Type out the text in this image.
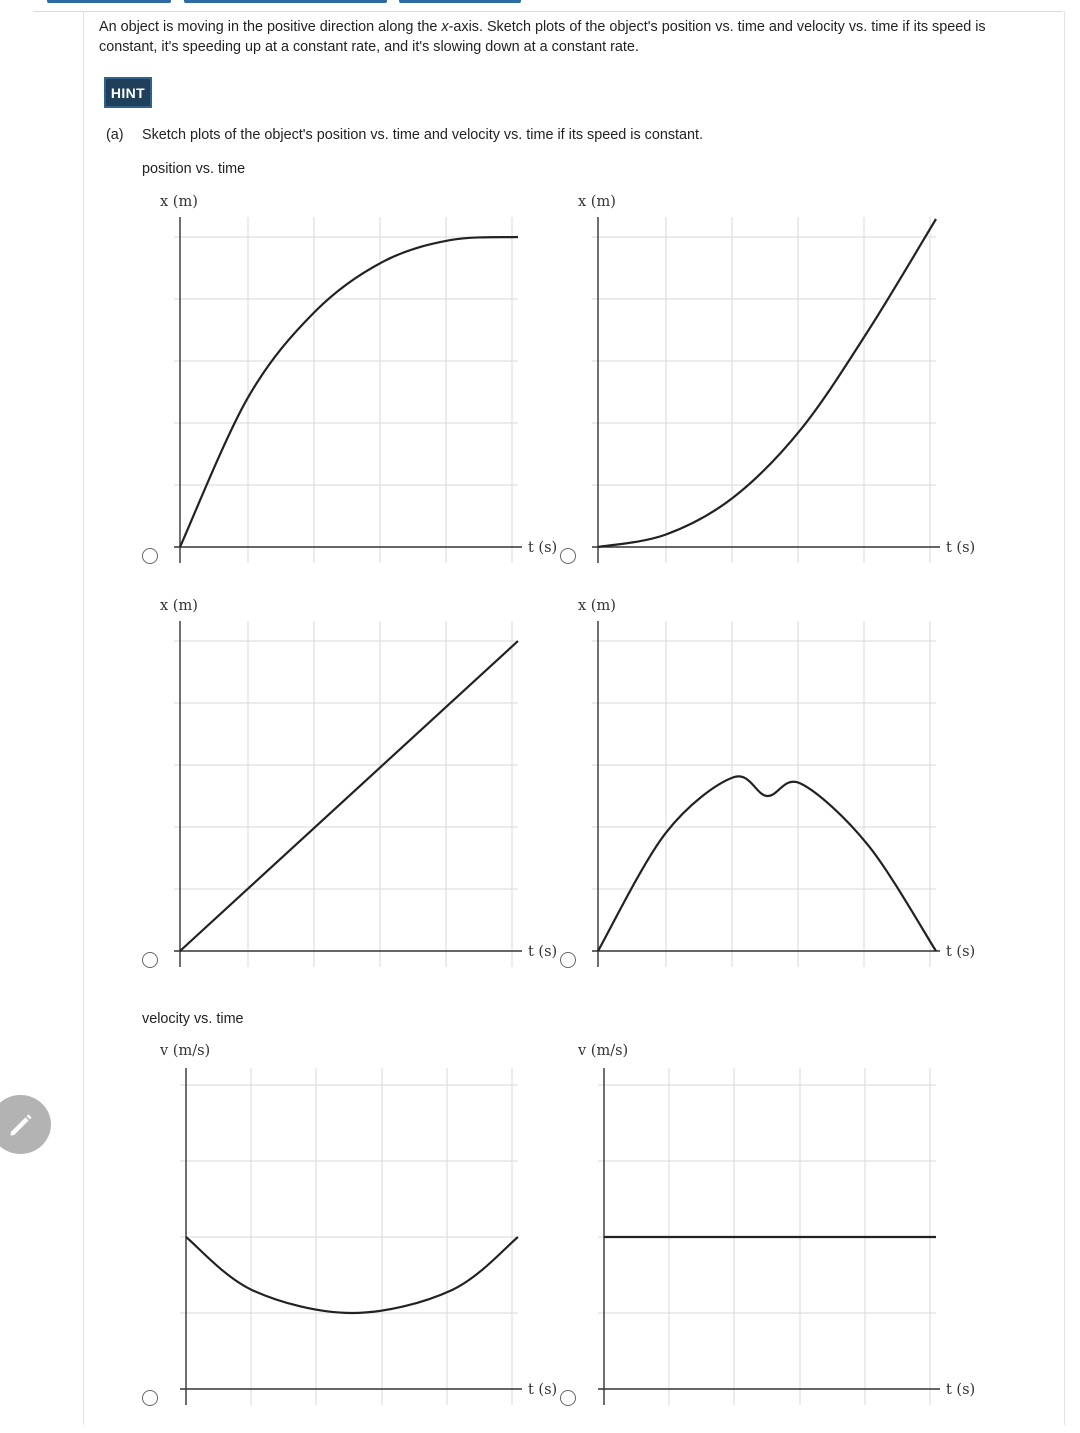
An object is moving in the positive direction along the x-axis. Sketch plots of the object's position vs. time and velocity vs. time if its speed is constant, it's speeding up at a constant rate, and it's slowing down at a constant rate.
HINT
(a) Sketch plots of the object's position vs. time and velocity vs. time if its speed is constant.
position vs. time
velocity vs. time
x (m)
t (s)
x (m)
t (s)
x (m)
t (s)
x (m)
t (s)
v (m/s)
t (s)
v (m/s)
t (s)
